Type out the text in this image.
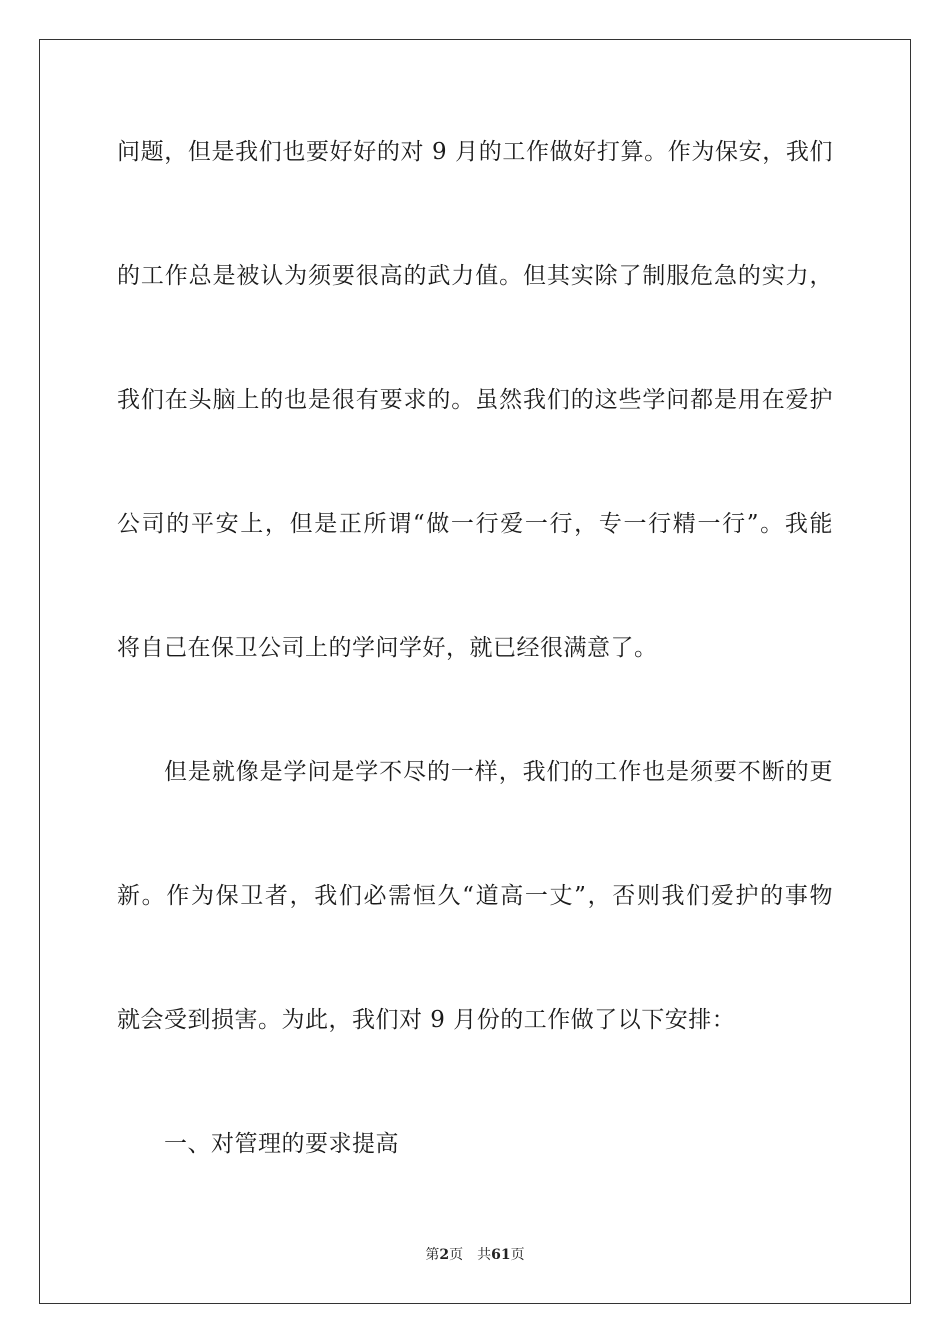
问题，但是我们也要好好的对 9 月的工作做好打算。作为保安，我们
的工作总是被认为须要很高的武力值。但其实除了制服危急的实力，
我们在头脑上的也是很有要求的。虽然我们的这些学问都是用在爱护
公司的平安上，但是正所谓“做一行爱一行，专一行精一行”。我能
将自己在保卫公司上的学问学好，就已经很满意了。
但是就像是学问是学不尽的一样，我们的工作也是须要不断的更
新。作为保卫者，我们必需恒久“道高一丈”，否则我们爱护的事物
就会受到损害。为此，我们对 9 月份的工作做了以下安排：
一、对管理的要求提高
第2页 共61页
